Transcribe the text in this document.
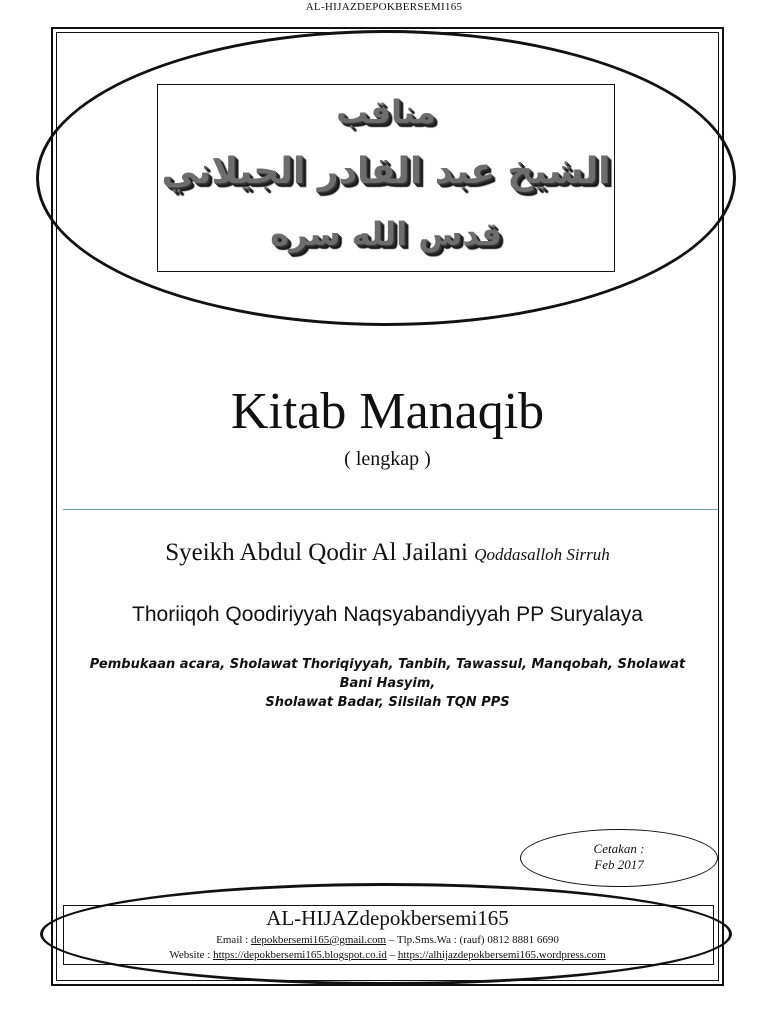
AL-HIJAZDEPOKBERSEMI165
مناقب
الشيخ عبد القادر الجيلاني
قدس الله سره
Kitab Manaqib
( lengkap )
Syeikh Abdul Qodir Al Jailani Qoddasalloh Sirruh
Thoriiqoh Qoodiriyyah Naqsyabandiyyah PP Suryalaya
Pembukaan acara, Sholawat Thoriqiyyah, Tanbih, Tawassul, Manqobah, Sholawat Bani Hasyim,
Sholawat Badar, Silsilah TQN PPS
Cetakan :
Feb 2017
AL-HIJAZdepokbersemi165
Email : depokbersemi165@gmail.com – Tlp.Sms.Wa : (rauf) 0812 8881 6690
Website : https://depokbersemi165.blogspot.co.id – https://alhijazdepokbersemi165.wordpress.com
